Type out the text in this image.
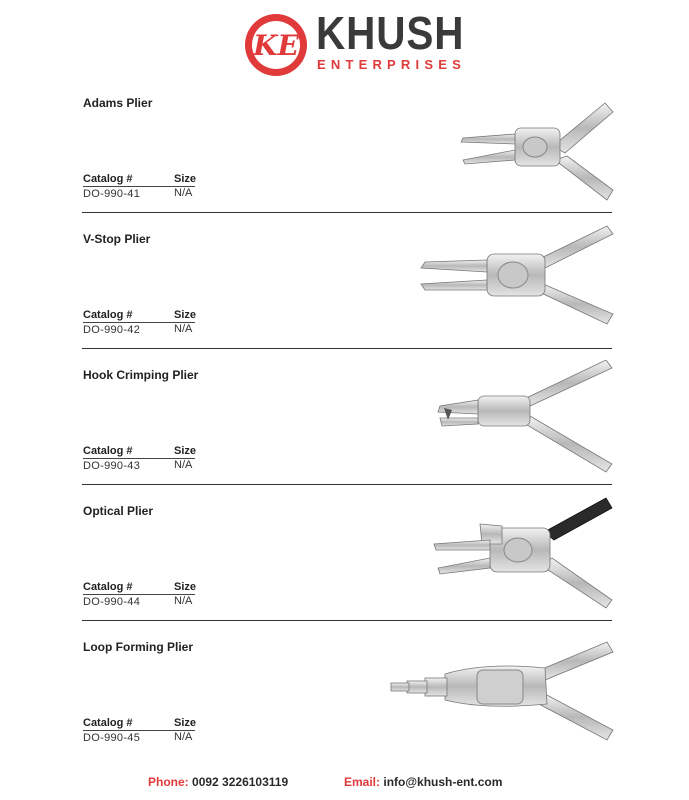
KE KHUSH
ENTERPRISES
Adams Plier
Catalog #	Size
DO-990-41	N/A
V-Stop Plier
Catalog #	Size
DO-990-42	N/A
Hook Crimping Plier
Catalog #	Size
DO-990-43	N/A
Optical Plier
Catalog #	Size
DO-990-44	N/A
Loop Forming Plier
Catalog #	Size
DO-990-45	N/A
Phone: 0092 3226103119	Email: info@khush-ent.com
